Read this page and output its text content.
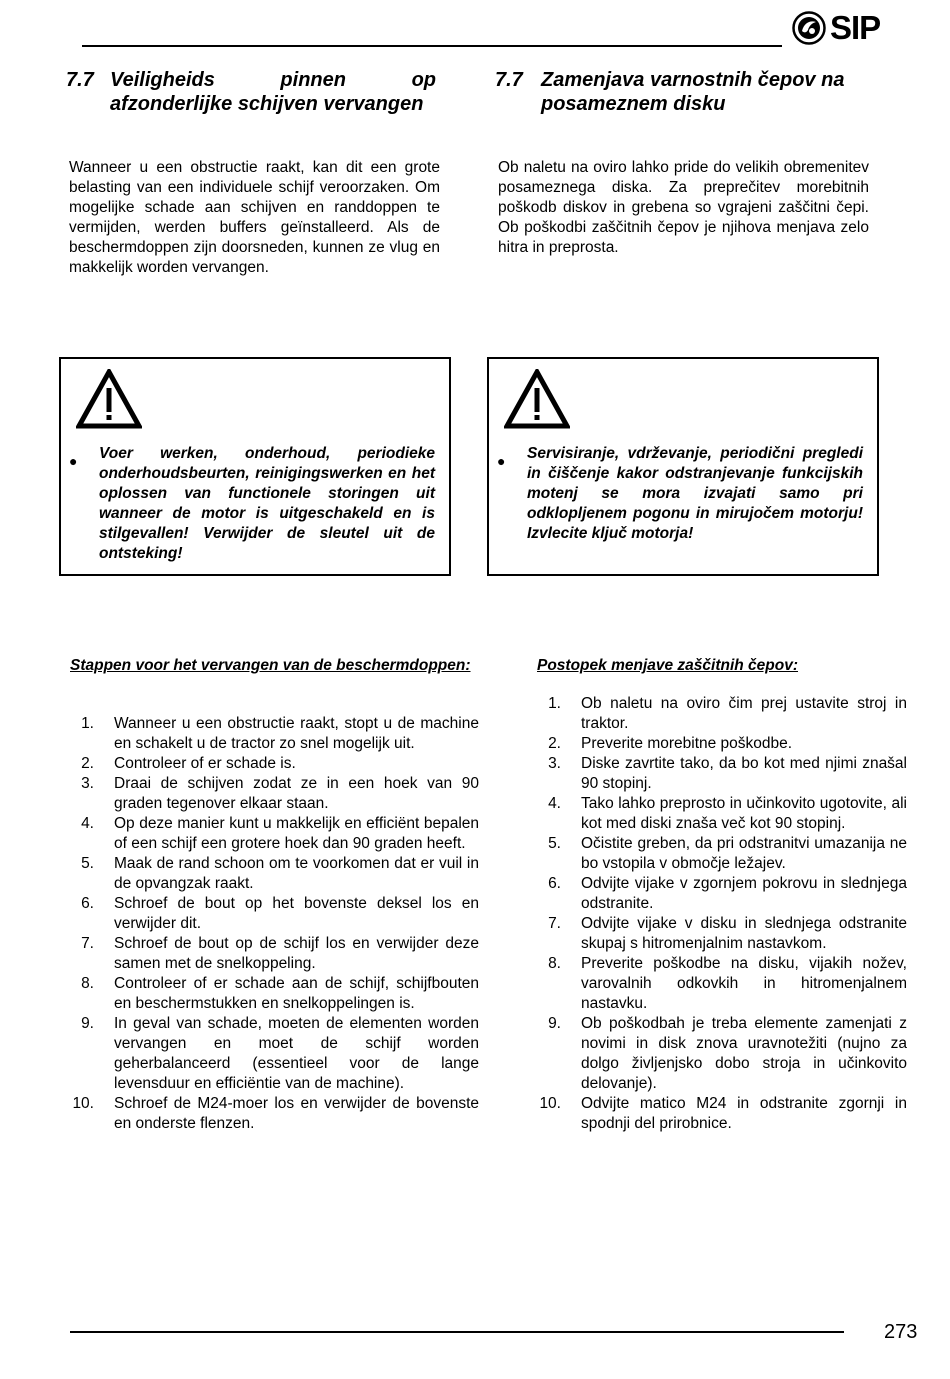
SIP
7.7 Veiligheids pinnen op
afzonderlijke schijven vervangen
7.7 Zamenjava varnostnih čepov na
posameznem disku

Wanneer u een obstructie raakt, kan dit een grote belasting van een individuele schijf veroorzaken. Om mogelijke schade aan schijven en randdoppen te vermijden, werden buffers geïnstalleerd. Als de beschermdoppen zijn doorsneden, kunnen ze vlug en makkelijk worden vervangen.

Ob naletu na oviro lahko pride do velikih obremenitev posameznega diska. Za preprečitev morebitnih poškodb diskov in grebena so vgrajeni zaščitni čepi. Ob poškodbi zaščitnih čepov je njihova menjava zelo hitra in preprosta.

● Voer werken, onderhoud, periodieke onderhoudsbeurten, reinigingswerken en het oplossen van functionele storingen uit wanneer de motor is uitgeschakeld en is stilgevallen! Verwijder de sleutel uit de ontsteking!
● Servisiranje, vdrževanje, periodični pregledi in čiščenje kakor odstranjevanje funkcijskih motenj se mora izvajati samo pri odklopljenem pogonu in mirujočem motorju! Izvlecite ključ motorja!
Stappen voor het vervangen van de beschermdoppen:	Postopek menjave zaščitnih čepov:
1. Wanneer u een obstructie raakt, stopt u de machine en schakelt u de tractor zo snel mogelijk uit.
2. Controleer of er schade is.
3. Draai de schijven zodat ze in een hoek van 90 graden tegenover elkaar staan.
4. Op deze manier kunt u makkelijk en efficiënt bepalen of een schijf een grotere hoek dan 90 graden heeft.
5. Maak de rand schoon om te voorkomen dat er vuil in de opvangzak raakt.
6. Schroef de bout op het bovenste deksel los en verwijder dit.
7. Schroef de bout op de schijf los en verwijder deze samen met de snelkoppeling.
8. Controleer of er schade aan de schijf, schijfbouten en beschermstukken en snelkoppelingen is.
9. In geval van schade, moeten de elementen worden vervangen en moet de schijf worden geherbalanceerd (essentieel voor de lange levensduur en efficiëntie van de machine).
10. Schroef de M24-moer los en verwijder de bovenste en onderste flenzen.
1. Ob naletu na oviro čim prej ustavite stroj in traktor.
2. Preverite morebitne poškodbe.
3. Diske zavrtite tako, da bo kot med njimi znašal 90 stopinj.
4. Tako lahko preprosto in učinkovito ugotovite, ali kot med diski znaša več kot 90 stopinj.
5. Očistite greben, da pri odstranitvi umazanija ne bo vstopila v območje ležajev.
6. Odvijte vijake v zgornjem pokrovu in slednjega odstranite.
7. Odvijte vijake v disku in slednjega odstranite skupaj s hitromenjalnim nastavkom.
8. Preverite poškodbe na disku, vijakih nožev, varovalnih odkovkih in hitromenjalnem nastavku.
9. Ob poškodbah je treba elemente zamenjati z novimi in disk znova uravnotežiti (nujno za dolgo življenjsko dobo stroja in učinkovito delovanje).
10. Odvijte matico M24 in odstranite zgornji in spodnji del prirobnice.
273
